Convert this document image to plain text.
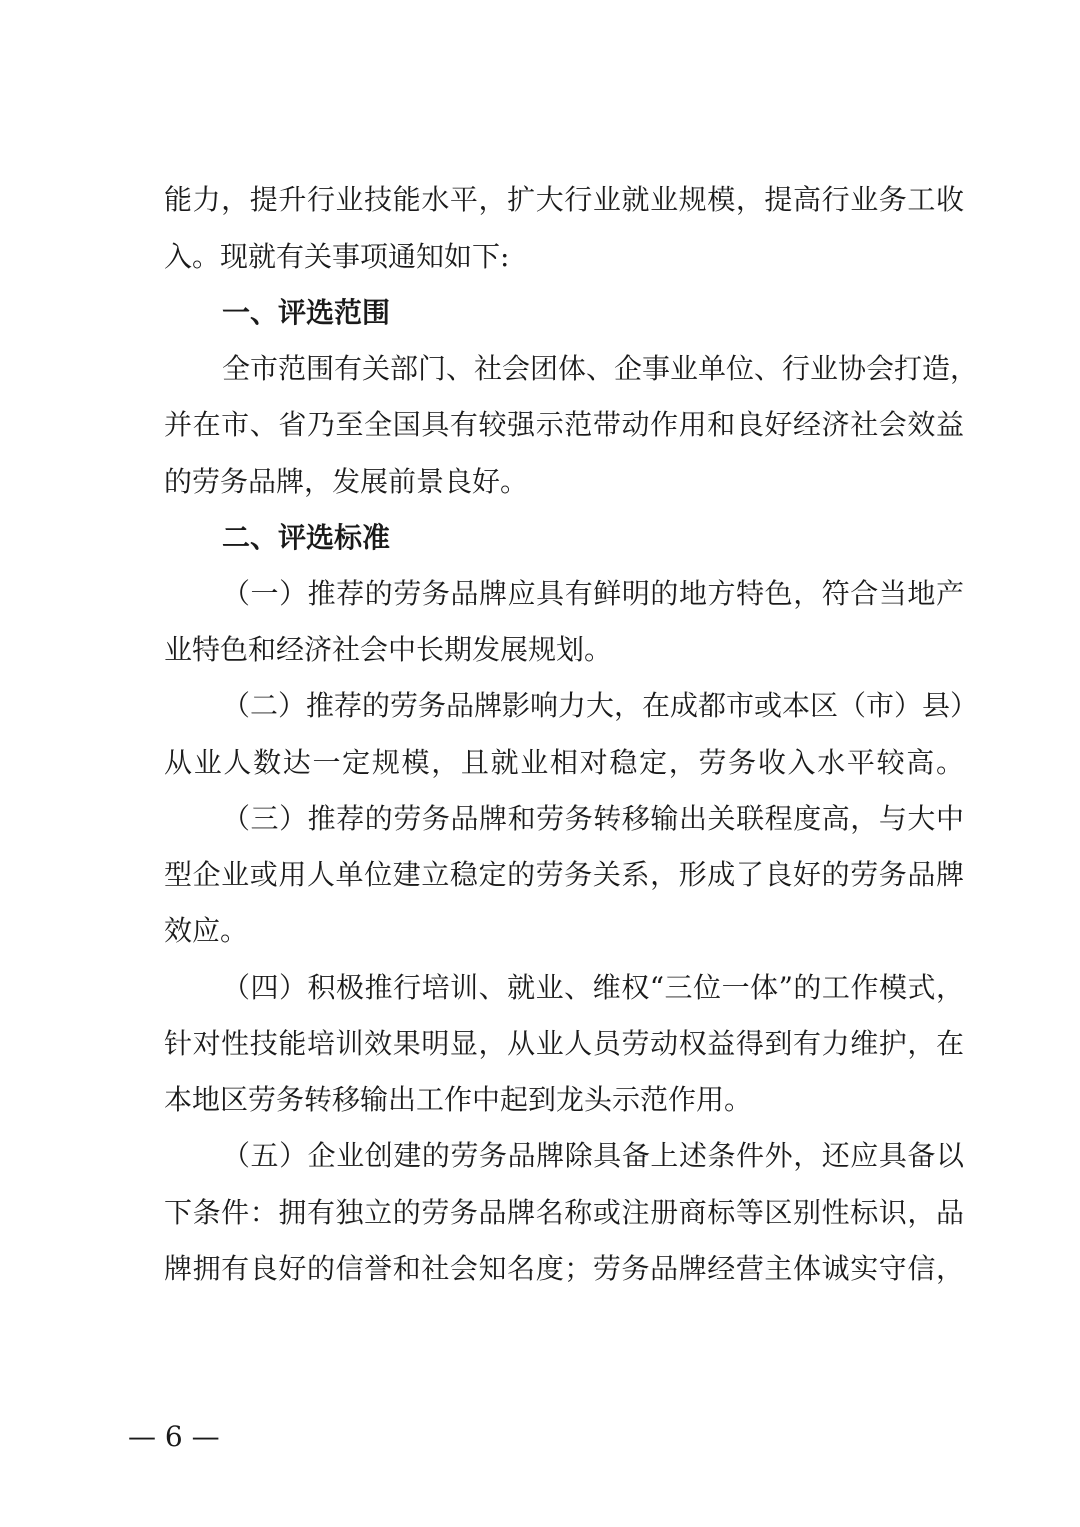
能力，提升行业技能水平，扩大行业就业规模，提高行业务工收
入。现就有关事项通知如下:
一、评选范围
全市范围有关部门、社会团体、企事业单位、行业协会打造，
并在市、省乃至全国具有较强示范带动作用和良好经济社会效益
的劳务品牌，发展前景良好。
二、评选标准
（一）推荐的劳务品牌应具有鲜明的地方特色，符合当地产
业特色和经济社会中长期发展规划。
（二）推荐的劳务品牌影响力大，在成都市或本区（市）县）
从业人数达一定规模，且就业相对稳定，劳务收入水平较高。
（三）推荐的劳务品牌和劳务转移输出关联程度高，与大中
型企业或用人单位建立稳定的劳务关系，形成了良好的劳务品牌
效应。
（四）积极推行培训、就业、维权“三位一体”的工作模式，
针对性技能培训效果明显，从业人员劳动权益得到有力维护，在
本地区劳务转移输出工作中起到龙头示范作用。
（五）企业创建的劳务品牌除具备上述条件外，还应具备以
下条件：拥有独立的劳务品牌名称或注册商标等区别性标识，品
牌拥有良好的信誉和社会知名度；劳务品牌经营主体诚实守信，
— 6 —
